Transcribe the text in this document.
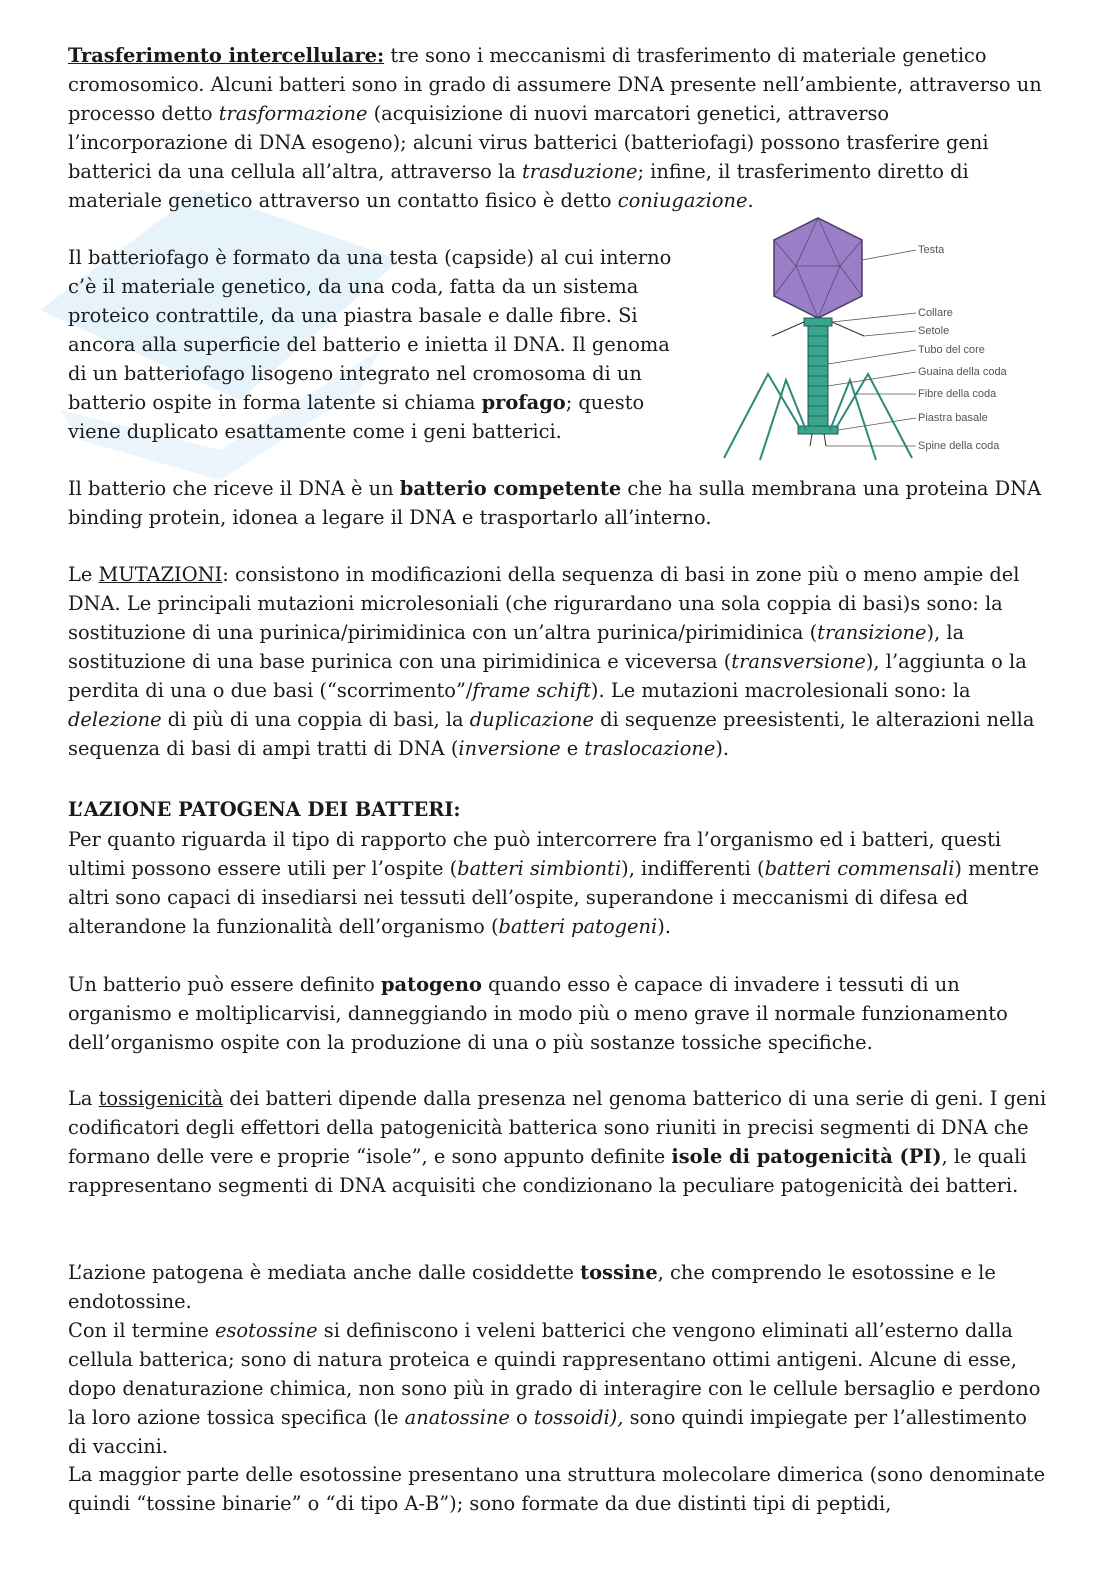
Trasferimento intercellulare: tre sono i meccanismi di trasferimento di materiale genetico cromosomico. Alcuni batteri sono in grado di assumere DNA presente nell’ambiente, attraverso un processo detto trasformazione (acquisizione di nuovi marcatori genetici, attraverso l’incorporazione di DNA esogeno); alcuni virus batterici (batteriofagi) possono trasferire geni batterici da una cellula all’altra, attraverso la trasduzione; infine, il trasferimento diretto di materiale genetico attraverso un contatto fisico è detto coniugazione.

Il batteriofago è formato da una testa (capside) al cui interno c’è il materiale genetico, da una coda, fatta da un sistema proteico contrattile, da una piastra basale e dalle fibre. Si ancora alla superficie del batterio e inietta il DNA. Il genoma di un batteriofago lisogeno integrato nel cromosoma di un batterio ospite in forma latente si chiama profago; questo viene duplicato esattamente come i geni batterici.

Testa
Collare
Setole
Tubo del core
Guaina della coda
Fibre della coda
Piastra basale
Spine della coda

Il batterio che riceve il DNA è un batterio competente che ha sulla membrana una proteina DNA binding protein, idonea a legare il DNA e trasportarlo all’interno.

Le MUTAZIONI: consistono in modificazioni della sequenza di basi in zone più o meno ampie del DNA. Le principali mutazioni microlesoniali (che rigurardano una sola coppia di basi)s sono: la sostituzione di una purinica/pirimidinica con un’altra purinica/pirimidinica (transizione), la sostituzione di una base purinica con una pirimidinica e viceversa (transversione), l’aggiunta o la perdita di una o due basi (“scorrimento”/frame schift). Le mutazioni macrolesionali sono: la delezione di più di una coppia di basi, la duplicazione di sequenze preesistenti, le alterazioni nella sequenza di basi di ampi tratti di DNA (inversione e traslocazione).

L’AZIONE PATOGENA DEI BATTERI:

Per quanto riguarda il tipo di rapporto che può intercorrere fra l’organismo ed i batteri, questi ultimi possono essere utili per l’ospite (batteri simbionti), indifferenti (batteri commensali) mentre altri sono capaci di insediarsi nei tessuti dell’ospite, superandone i meccanismi di difesa ed alterandone la funzionalità dell’organismo (batteri patogeni).

Un batterio può essere definito patogeno quando esso è capace di invadere i tessuti di un organismo e moltiplicarvisi, danneggiando in modo più o meno grave il normale funzionamento dell’organismo ospite con la produzione di una o più sostanze tossiche specifiche.

La tossigenicità dei batteri dipende dalla presenza nel genoma batterico di una serie di geni. I geni codificatori degli effettori della patogenicità batterica sono riuniti in precisi segmenti di DNA che formano delle vere e proprie “isole”, e sono appunto definite isole di patogenicità (PI), le quali rappresentano segmenti di DNA acquisiti che condizionano la peculiare patogenicità dei batteri.

L’azione patogena è mediata anche dalle cosiddette tossine, che comprendo le esotossine e le endotossine.

Con il termine esotossine si definiscono i veleni batterici che vengono eliminati all’esterno dalla cellula batterica; sono di natura proteica e quindi rappresentano ottimi antigeni. Alcune di esse, dopo denaturazione chimica, non sono più in grado di interagire con le cellule bersaglio e perdono la loro azione tossica specifica (le anatossine o tossoidi), sono quindi impiegate per l’allestimento di vaccini.

La maggior parte delle esotossine presentano una struttura molecolare dimerica (sono denominate quindi “tossine binarie” o “di tipo A-B”); sono formate da due distinti tipi di peptidi,
